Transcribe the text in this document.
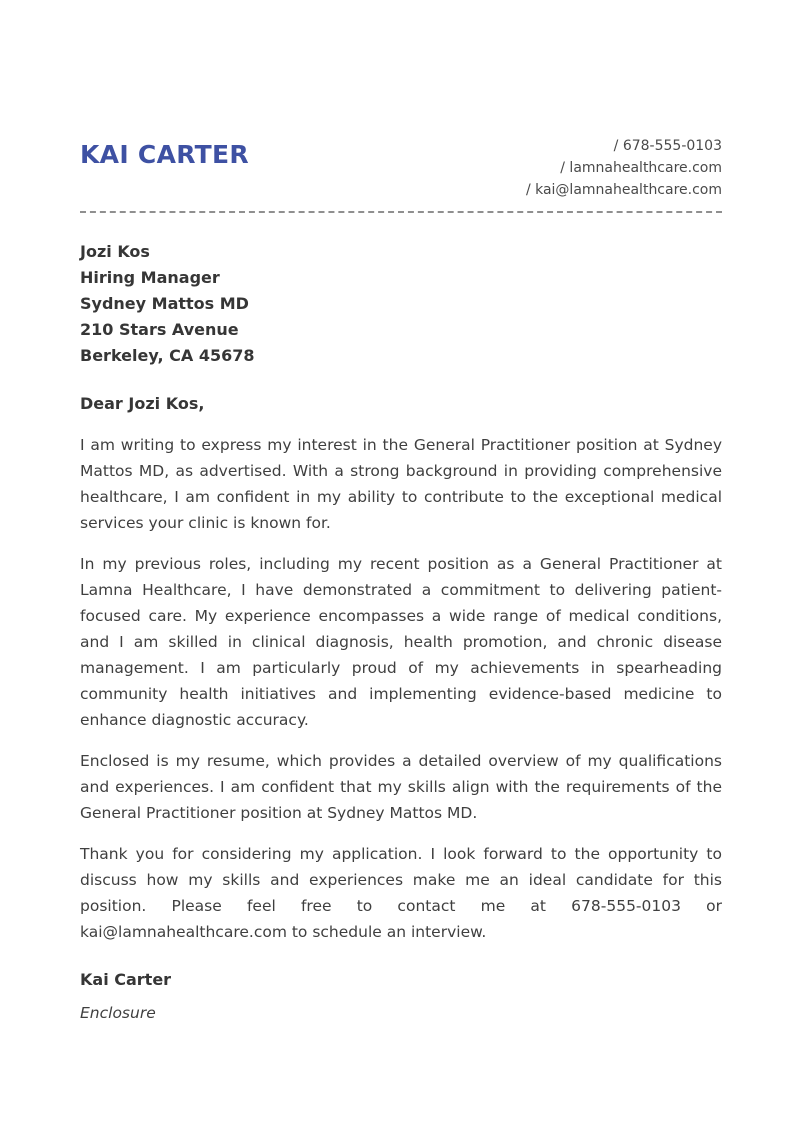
KAI CARTER	/ 678-555-0103
/ lamnahealthcare.com
/ kai@lamnahealthcare.com
Jozi Kos
Hiring Manager
Sydney Mattos MD
210 Stars Avenue
Berkeley, CA 45678
Dear Jozi Kos,

I am writing to express my interest in the General Practitioner position at Sydney Mattos MD, as advertised. With a strong background in providing comprehensive healthcare, I am confident in my ability to contribute to the exceptional medical services your clinic is known for.

In my previous roles, including my recent position as a General Practitioner at Lamna Healthcare, I have demonstrated a commitment to delivering patient-focused care. My experience encompasses a wide range of medical conditions, and I am skilled in clinical diagnosis, health promotion, and chronic disease management. I am particularly proud of my achievements in spearheading community health initiatives and implementing evidence-based medicine to enhance diagnostic accuracy.

Enclosed is my resume, which provides a detailed overview of my qualifications and experiences. I am confident that my skills align with the requirements of the General Practitioner position at Sydney Mattos MD.

Thank you for considering my application. I look forward to the opportunity to discuss how my skills and experiences make me an ideal candidate for this position. Please feel free to contact me at 678-555-0103 or kai@lamnahealthcare.com to schedule an interview.

Kai Carter
Enclosure
